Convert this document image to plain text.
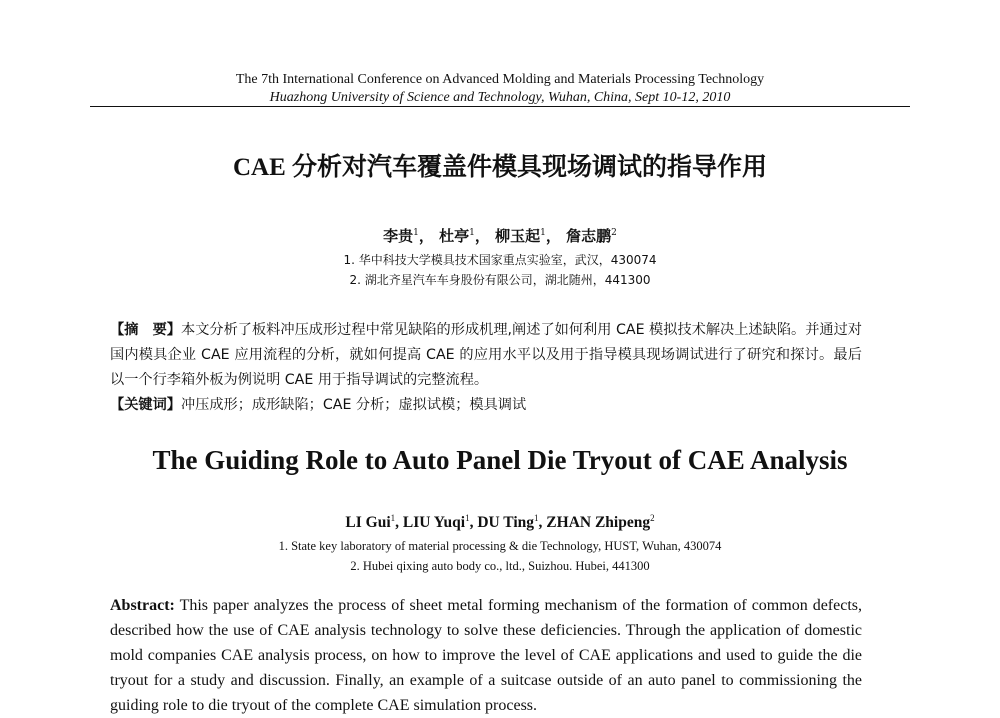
The 7th International Conference on Advanced Molding and Materials Processing Technology
Huazhong University of Science and Technology, Wuhan, China, Sept 10-12, 2010
CAE 分析对汽车覆盖件模具现场调试的指导作用
李贵$^1$， 杜亭$^1$， 柳玉起$^1$， 詹志鹏$^2$
1. 华中科技大学模具技术国家重点实验室，武汉，430074
2. 湖北齐星汽车车身股份有限公司，湖北随州，441300
【摘　要】本文分析了板料冲压成形过程中常见缺陷的形成机理,阐述了如何利用 CAE 模拟技术解决上述缺陷。并通过对国内模具企业 CAE 应用流程的分析，就如何提高 CAE 的应用水平以及用于指导模具现场调试进行了研究和探讨。最后以一个行李箱外板为例说明 CAE 用于指导调试的完整流程。
【关键词】冲压成形；成形缺陷；CAE 分析；虚拟试模；模具调试
The Guiding Role to Auto Panel Die Tryout of CAE Analysis
LI Gui$^1$, LIU Yuqi$^1$, DU Ting$^1$, ZHAN Zhipeng$^2$
1. State key laboratory of material processing & die Technology, HUST, Wuhan, 430074
2. Hubei qixing auto body co., ltd., Suizhou. Hubei, 441300
Abstract: This paper analyzes the process of sheet metal forming mechanism of the formation of common defects, described how the use of CAE analysis technology to solve these deficiencies. Through the application of domestic mold companies CAE analysis process, on how to improve the level of CAE applications and used to guide the die tryout for a study and discussion. Finally, an example of a suitcase outside of an auto panel to commissioning the guiding role to die tryout of the complete CAE simulation process.
